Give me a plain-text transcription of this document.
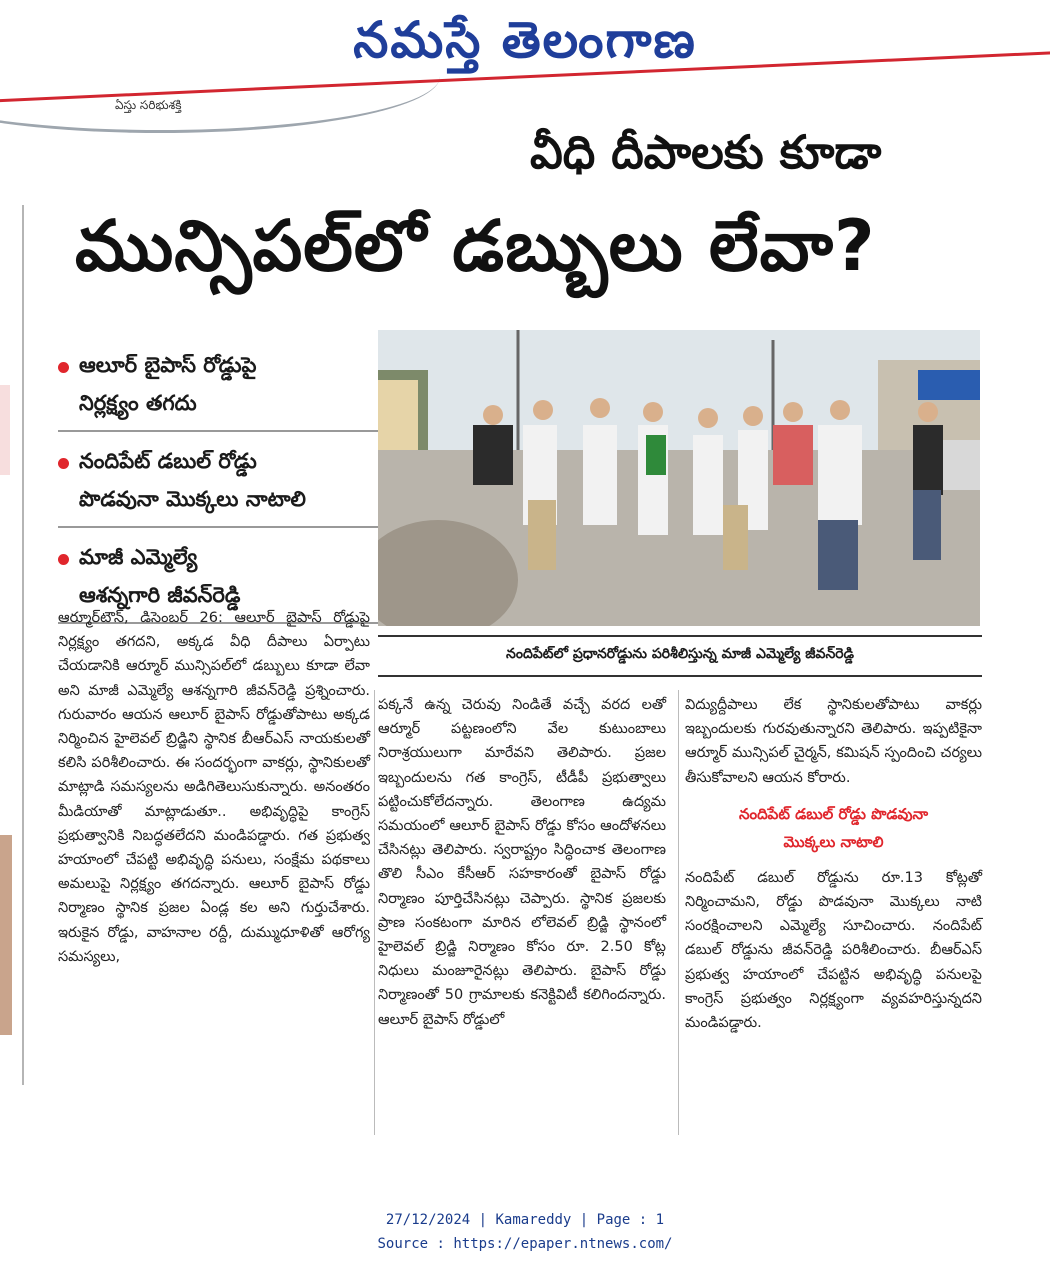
నమస్తే తెలంగాణ
ఏస్తు సరిభుశక్తి
వీధి దీపాలకు కూడా
మున్సిపల్‌లో డబ్బులు లేవా?
ఆలూర్ బైపాస్ రోడ్డుపై
నిర్లక్ష్యం తగదు
నందిపేట్ డబుల్ రోడ్డు
పొడవునా మొక్కలు నాటాలి
మాజీ ఎమ్మెల్యే
ఆశన్నగారి జీవన్‌రెడ్డి
నందిపేట్‌లో ప్రధానరోడ్డును పరిశీలిస్తున్న మాజీ ఎమ్మెల్యే జీవన్‌రెడ్డి

ఆర్మూర్‌టౌన్, డిసెంబర్ 26: ఆలూర్ బైపాస్ రోడ్డుపై నిర్లక్ష్యం తగదని, అక్కడ వీధి దీపాలు ఏర్పాటు చేయడానికి ఆర్మూర్ మున్సిపల్‌లో డబ్బులు కూడా లేవా అని మాజీ ఎమ్మెల్యే ఆశన్నగారి జీవన్‌రెడ్డి ప్రశ్నించారు. గురువారం ఆయన ఆలూర్ బైపాస్ రోడ్డుతోపాటు అక్కడ నిర్మించిన హైలెవల్ బ్రిడ్జిని స్థానిక బీఆర్‌ఎస్ నాయకులతో కలిసి పరిశీలించారు. ఈ సందర్భంగా వాకర్లు, స్థానికులతో మాట్లాడి సమస్యలను అడిగితెలుసుకున్నారు. అనంతరం మీడియాతో మాట్లాడుతూ.. అభివృద్ధిపై కాంగ్రెస్ ప్రభుత్వానికి నిబద్ధతలేదని మండిపడ్డారు. గత ప్రభుత్వ హయాంలో చేపట్టి అభివృద్ధి పనులు, సంక్షేమ పథకాలు అమలుపై నిర్లక్ష్యం తగదన్నారు. ఆలూర్ బైపాస్ రోడ్డు నిర్మాణం స్థానిక ప్రజల ఏండ్ల కల అని గుర్తుచేశారు. ఇరుకైన రోడ్డు, వాహనాల రద్దీ, దుమ్ముధూళితో ఆరోగ్య సమస్యలు,

పక్కనే ఉన్న చెరువు నిండితే వచ్చే వరద లతో ఆర్మూర్ పట్టణంలోని వేల కుటుంబాలు నిరాశ్రయులుగా మారేవని తెలిపారు. ప్రజల ఇబ్బందులను గత కాంగ్రెస్, టీడీపీ ప్రభుత్వాలు పట్టించుకోలేదన్నారు. తెలంగాణ ఉద్యమ సమయంలో ఆలూర్ బైపాస్ రోడ్డు కోసం ఆందోళనలు చేసినట్లు తెలిపారు. స్వరాష్ట్రం సిద్ధించాక తెలంగాణ తొలి సీఎం కేసీఆర్ సహకారంతో బైపాస్ రోడ్డు నిర్మాణం పూర్తిచేసినట్లు చెప్పారు. స్థానిక ప్రజలకు ప్రాణ సంకటంగా మారిన లోలెవల్ బ్రిడ్జి స్థానంలో హైలెవల్ బ్రిడ్జి నిర్మాణం కోసం రూ. 2.50 కోట్ల నిధులు మంజూరైనట్లు తెలిపారు. బైపాస్ రోడ్డు నిర్మాణంతో 50 గ్రామాలకు కనెక్టివిటీ కలిగిందన్నారు. ఆలూర్ బైపాస్ రోడ్డులో

విద్యుద్దీపాలు లేక స్థానికులతోపాటు వాకర్లు ఇబ్బందులకు గురవుతున్నారని తెలిపారు. ఇప్పటికైనా ఆర్మూర్ మున్సిపల్ చైర్మన్, కమిషన్ స్పందించి చర్యలు తీసుకోవాలని ఆయన కోరారు.

నందిపేట్ డబుల్ రోడ్డు పొడవునా
మొక్కలు నాటాలి

నందిపేట్ డబుల్ రోడ్డును రూ.13 కోట్లతో నిర్మించామని, రోడ్డు పొడవునా మొక్కలు నాటి సంరక్షించాలని ఎమ్మెల్యే సూచించారు. నందిపేట్ డబుల్ రోడ్డును జీవన్‌రెడ్డి పరిశీలించారు. బీఆర్‌ఎస్ ప్రభుత్వ హయాంలో చేపట్టిన అభివృద్ధి పనులపై కాంగ్రెస్ ప్రభుత్వం నిర్లక్ష్యంగా వ్యవహరిస్తున్నదని మండిపడ్డారు.

27/12/2024 | Kamareddy | Page : 1
Source : https://epaper.ntnews.com/
